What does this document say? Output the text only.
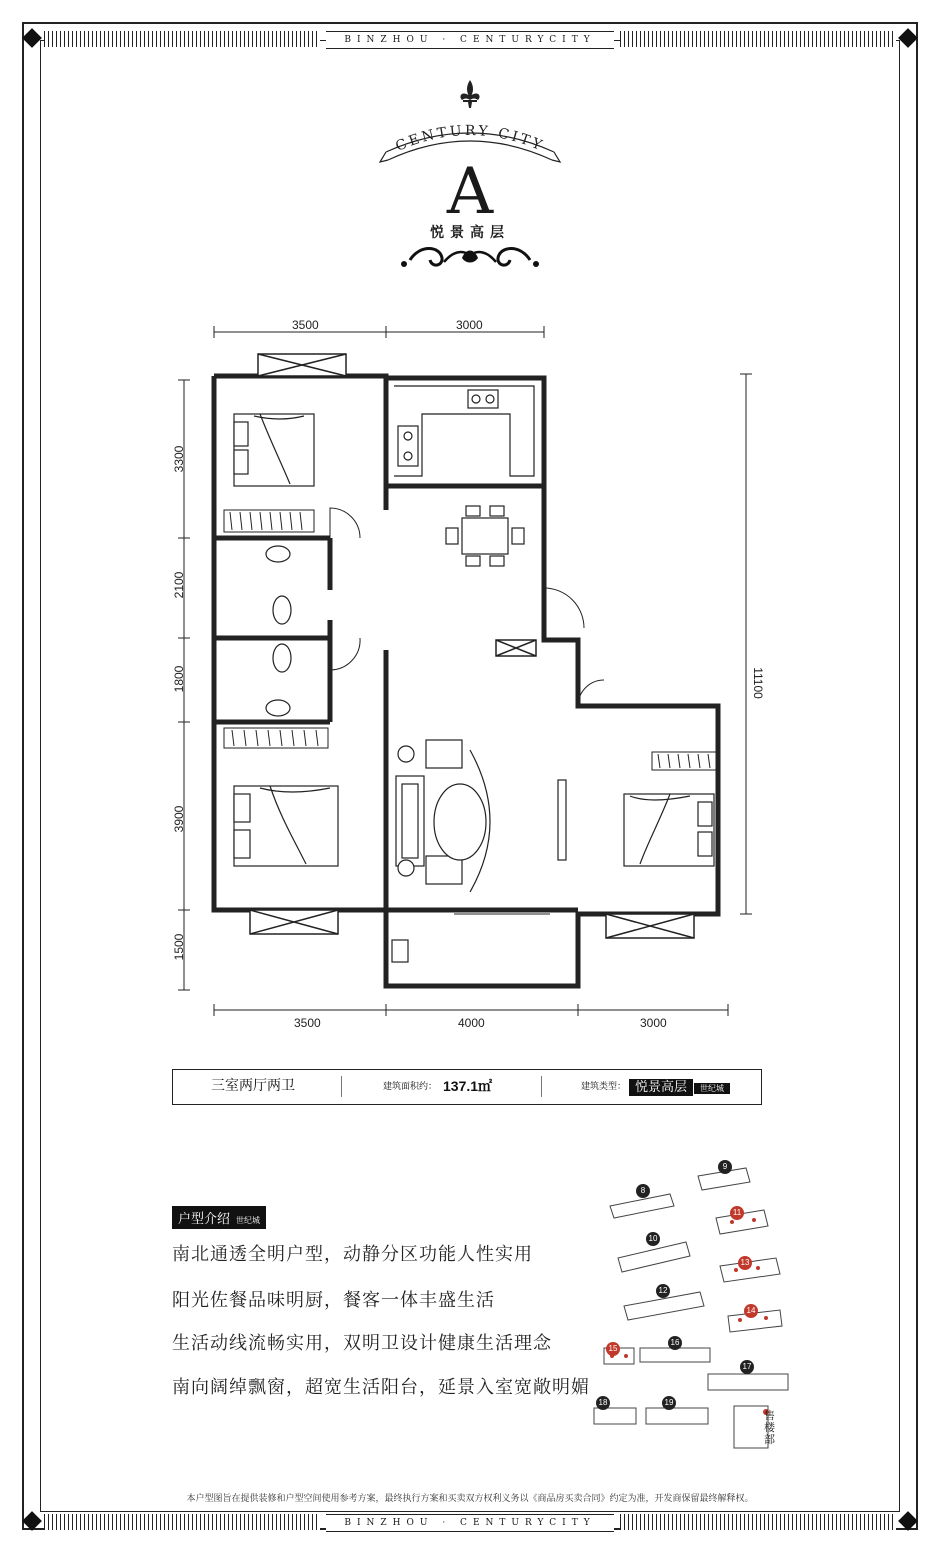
BINZHOU · CENTURYCITY
BINZHOU · CENTURYCITY
CENTURY CITY
A
悦景高层
3500	3000
3500	4000	3000
3300
2100
1800
3900
1500
11100
三室两厅两卫	建筑面积约： 137.1㎡	建筑类型： 悦景高层 世纪城
户型介绍 世纪城
南北通透全明户型，动静分区功能人性实用
阳光佐餐品味明厨，餐客一体丰盛生活
生活动线流畅实用，双明卫设计健康生活理念
南向阔绰飘窗，超宽生活阳台，延景入室宽敞明媚
8
9
10
11
12
13
14
15
16
17
18	19
售楼部
本户型图旨在提供装修和户型空间使用参考方案，最终执行方案和买卖双方权利义务以《商品房买卖合同》约定为准，开发商保留最终解释权。
